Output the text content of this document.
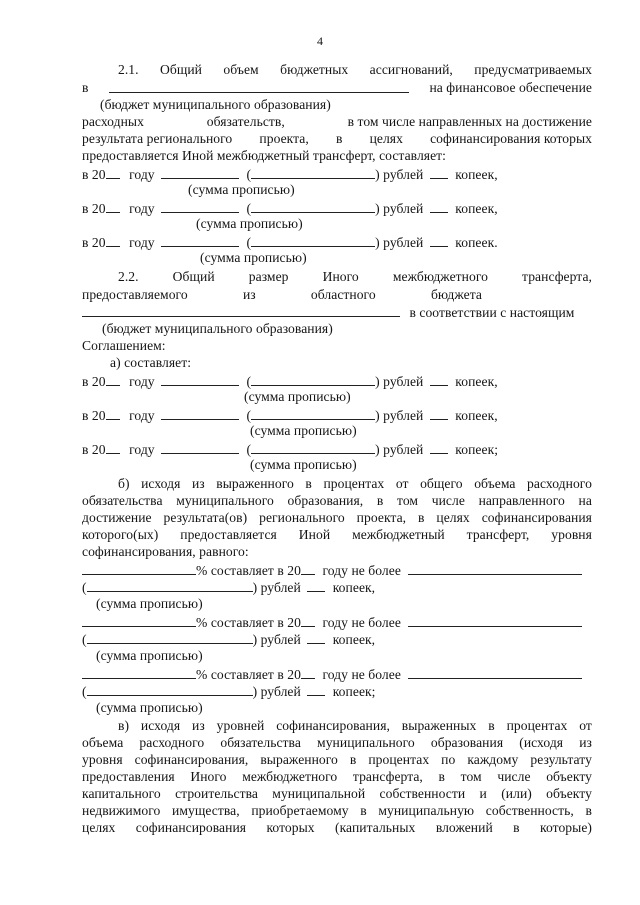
4
2.1. Общий объем бюджетных ассигнований, предусматриваемых
в	на финансовое обеспечение
(бюджет муниципального образования)
расходных	обязательств,	в том числе направленных на достижение
результата регионального проекта, в целях софинансирования которых
предоставляется Иной межбюджетный трансферт, составляет:
в 20 году	(	) рублей копеек,
(сумма прописью)
в 20 году	(	) рублей копеек,
(сумма прописью)
в 20 году	(	) рублей копеек.
(сумма прописью)
2.2.	Общий	размер	Иного	межбюджетного	трансферта,
предоставляемого	из	областного	бюджета
в соответствии с настоящим
(бюджет муниципального образования)
Соглашением:
а) составляет:
в 20 году	(	) рублей копеек,
(сумма прописью)
в 20 году	(	) рублей копеек,
(сумма прописью)
в 20 году	(	) рублей копеек;
(сумма прописью)
б) исходя из выраженного в процентах от общего объема расходного
обязательства муниципального образования, в том числе направленного на
достижение результата(ов) регионального проекта, в целях софинансирования
которого(ых) предоставляется Иной межбюджетный трансферт, уровня
софинансирования, равного:
% составляет в 20 году не более
(	) рублей копеек,
(сумма прописью)
% составляет в 20 году не более
(	) рублей копеек,
(сумма прописью)
% составляет в 20 году не более
(	) рублей копеек;
(сумма прописью)
в) исходя из уровней софинансирования, выраженных в процентах от
объема расходного обязательства муниципального образования (исходя из
уровня софинансирования, выраженного в процентах по каждому результату
предоставления Иного межбюджетного трансферта, в том числе объекту
капитального строительства муниципальной собственности и (или) объекту
недвижимого имущества, приобретаемому в муниципальную собственность, в
целях софинансирования которых (капитальных вложений в которые)
